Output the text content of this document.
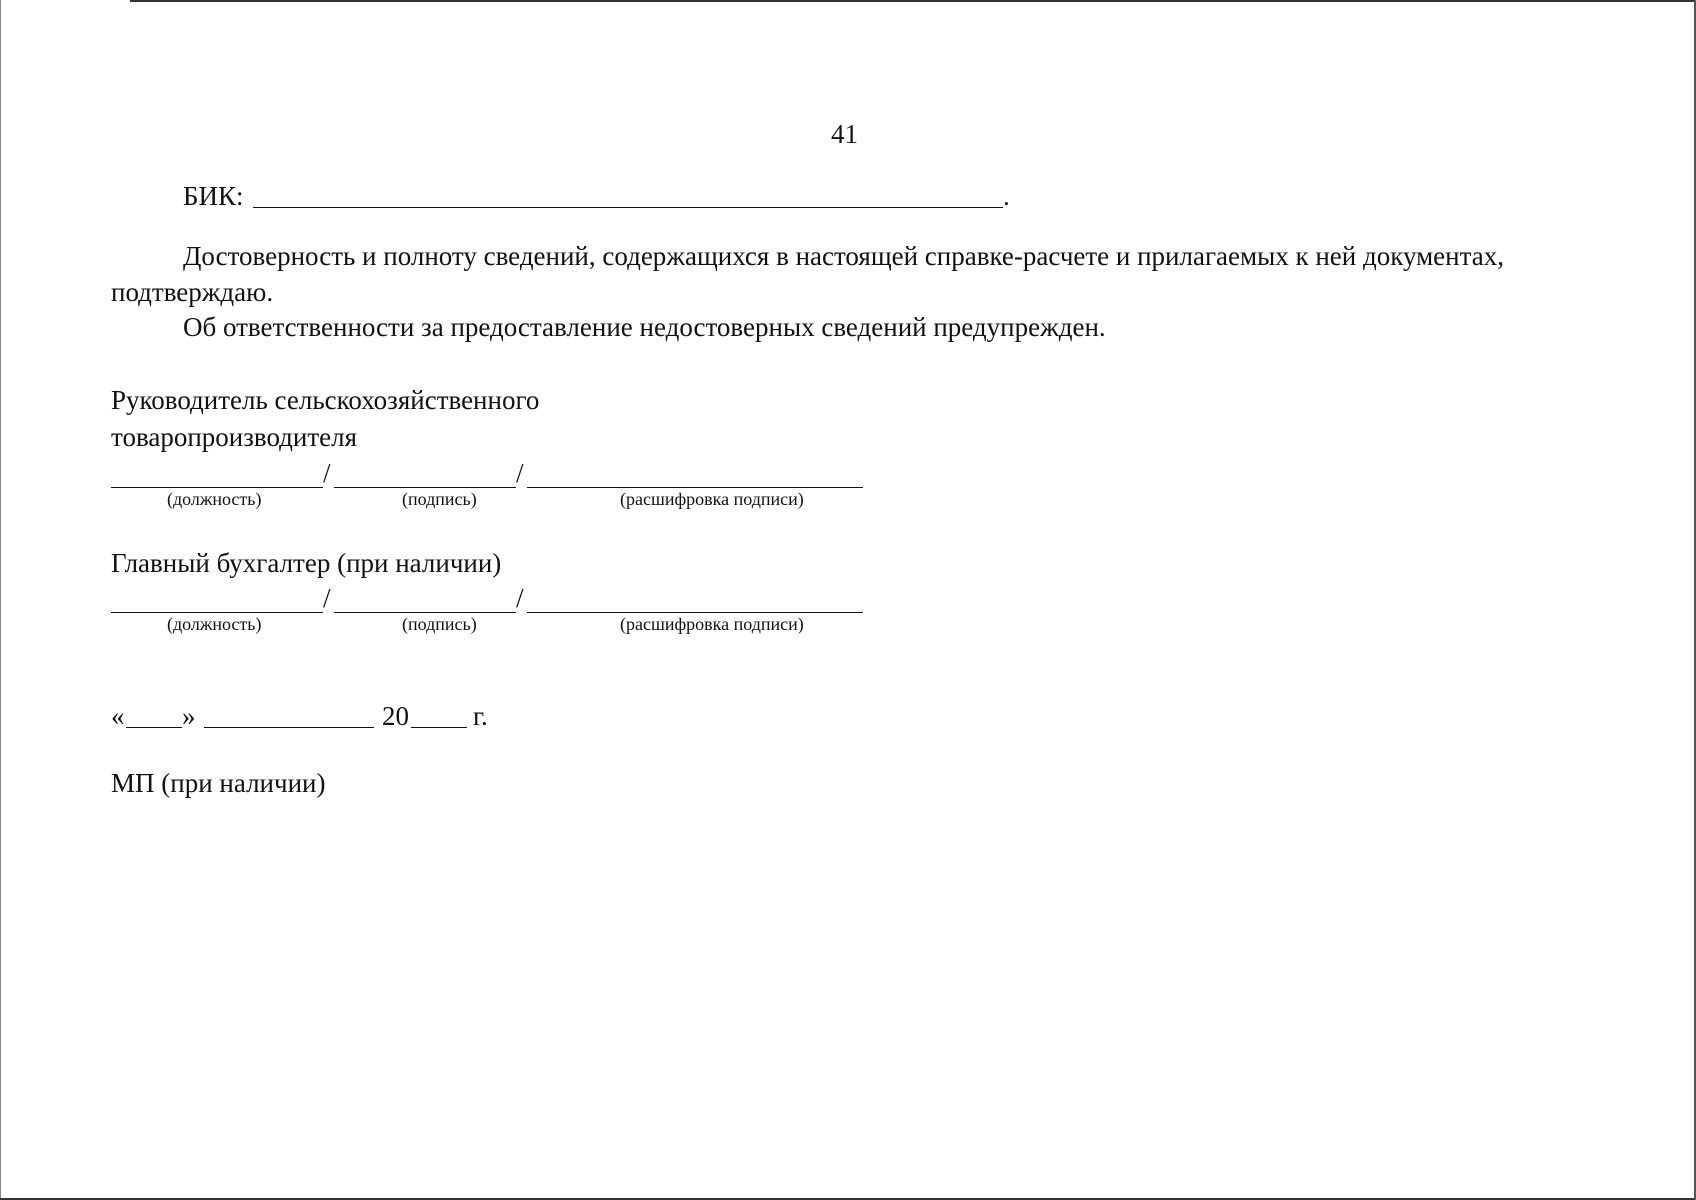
41
БИК:	.
Достоверность и полноту сведений, содержащихся в настоящей справке-расчете и прилагаемых к ней документах,
подтверждаю.
Об ответственности за предоставление недостоверных сведений предупрежден.
Руководитель сельскохозяйственного
товаропроизводителя
/	/
(должность)	(подпись)	(расшифровка подписи)
Главный бухгалтер (при наличии)
/	/
(должность)	(подпись)	(расшифровка подписи)
« »	20 г.
МП (при наличии)
